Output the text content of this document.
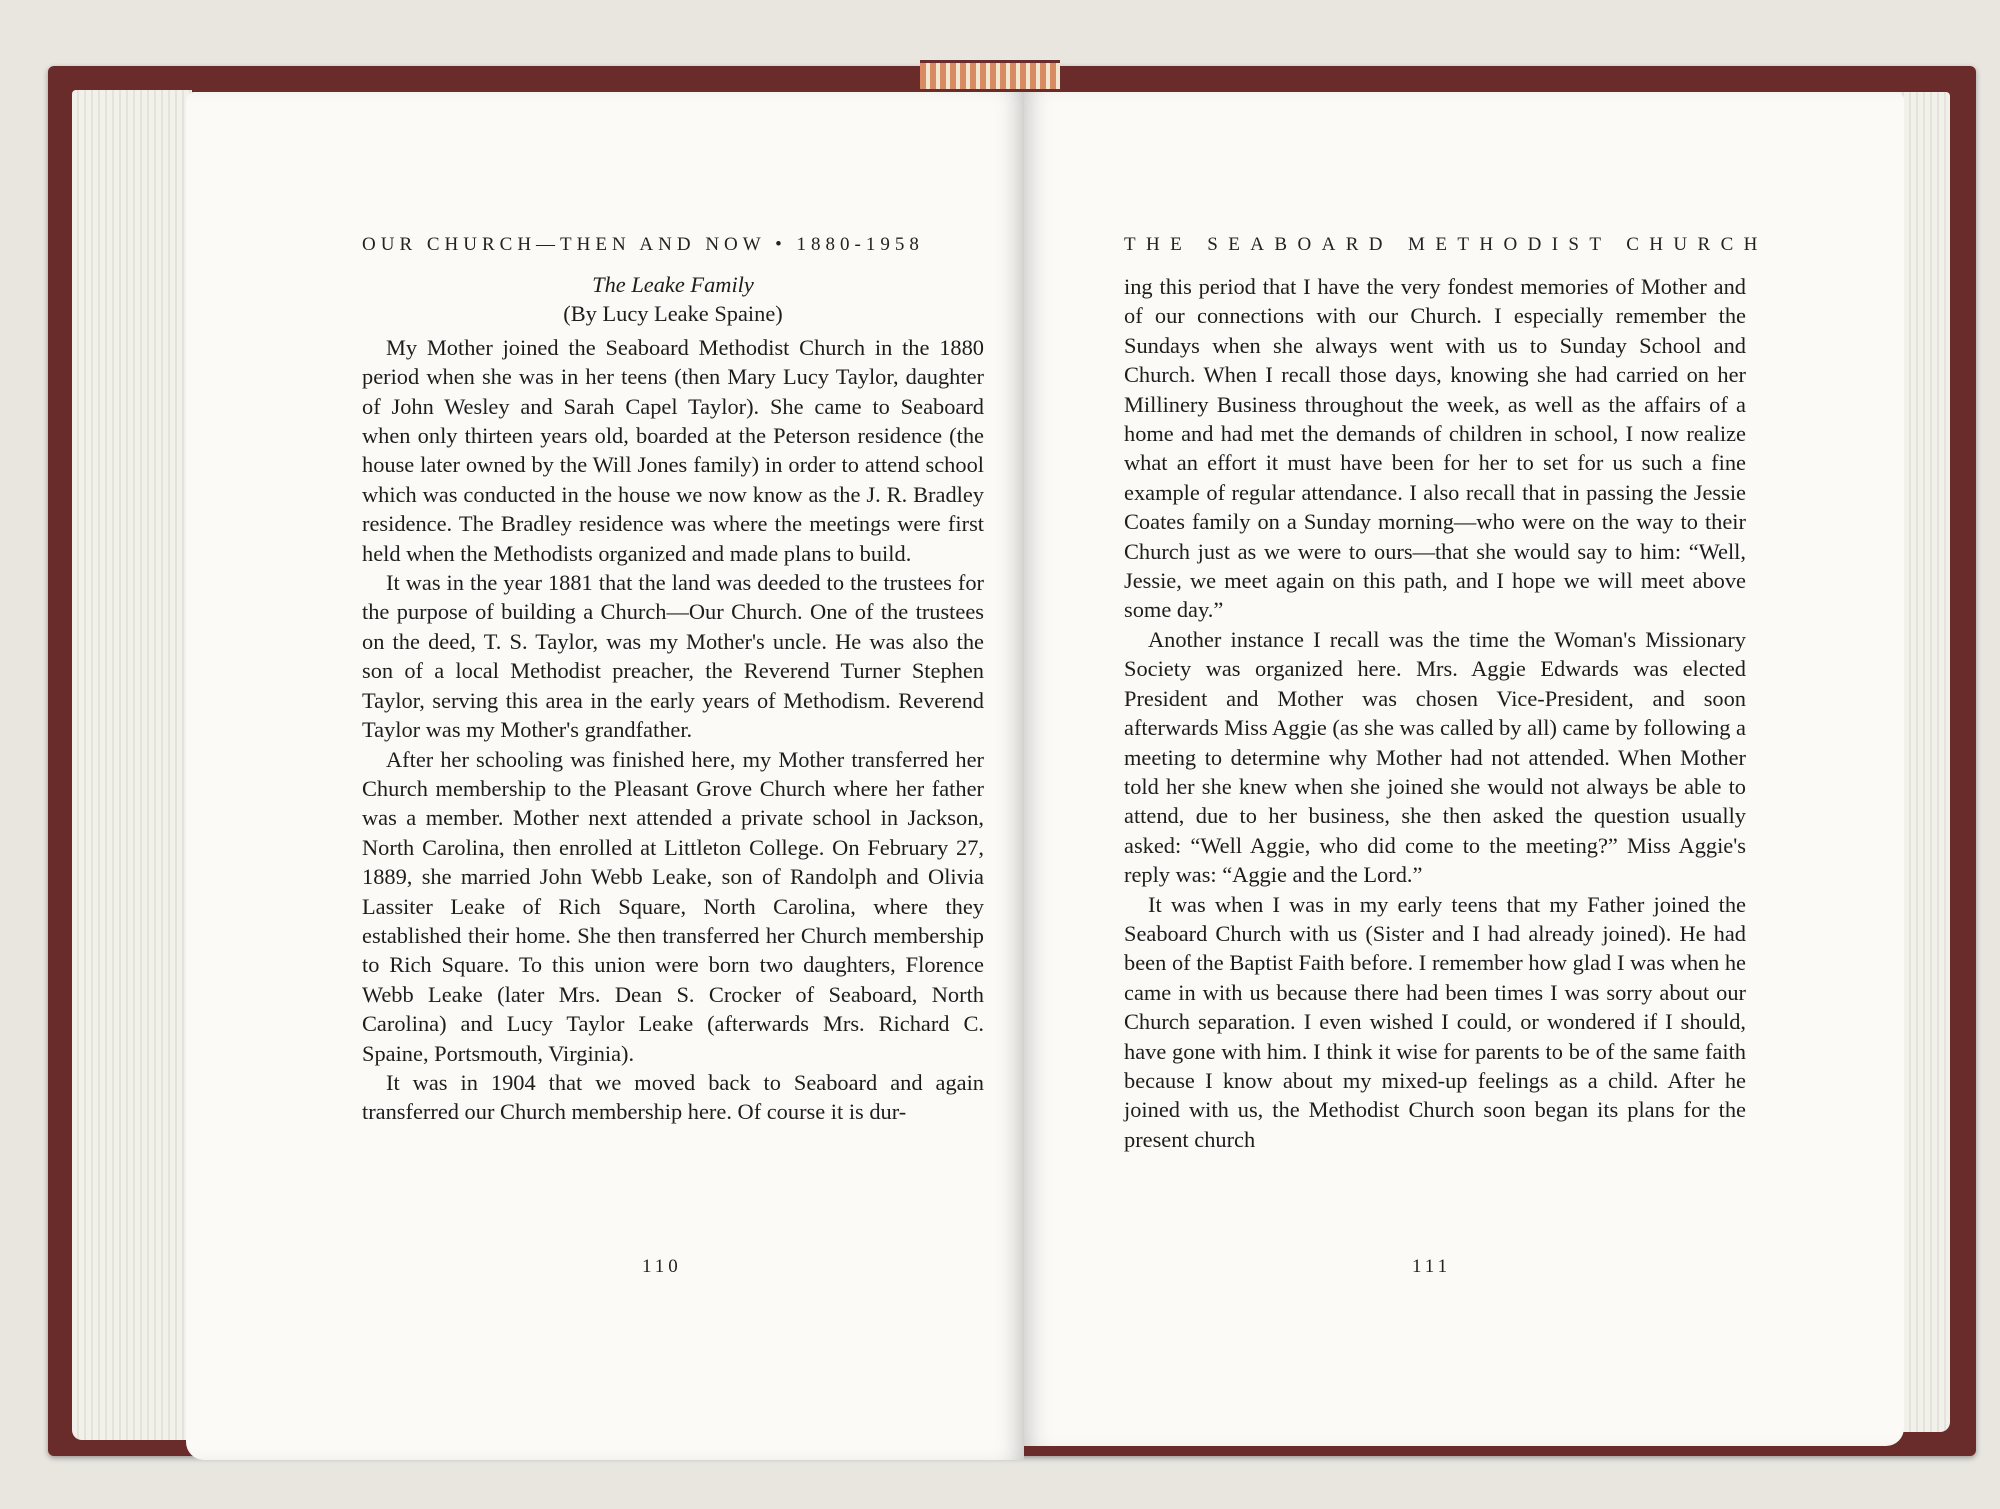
OUR CHURCH—THEN AND NOW • 1880-1958

The Leake Family

(By Lucy Leake Spaine)

My Mother joined the Seaboard Methodist Church in the 1880 period when she was in her teens (then Mary Lucy Taylor, daughter of John Wesley and Sarah Capel Taylor). She came to Seaboard when only thirteen years old, boarded at the Peterson residence (the house later owned by the Will Jones family) in order to attend school which was conducted in the house we now know as the J. R. Bradley residence. The Bradley residence was where the meetings were first held when the Methodists organized and made plans to build.

It was in the year 1881 that the land was deeded to the trustees for the purpose of building a Church—Our Church. One of the trustees on the deed, T. S. Taylor, was my Mother's uncle. He was also the son of a local Methodist preacher, the Reverend Turner Stephen Taylor, serving this area in the early years of Methodism. Reverend Taylor was my Mother's grandfather.

After her schooling was finished here, my Mother transferred her Church membership to the Pleasant Grove Church where her father was a member. Mother next attended a private school in Jackson, North Carolina, then enrolled at Littleton College. On February 27, 1889, she married John Webb Leake, son of Randolph and Olivia Lassiter Leake of Rich Square, North Carolina, where they established their home. She then transferred her Church membership to Rich Square. To this union were born two daughters, Florence Webb Leake (later Mrs. Dean S. Crocker of Seaboard, North Carolina) and Lucy Taylor Leake (afterwards Mrs. Richard C. Spaine, Portsmouth, Virginia).

It was in 1904 that we moved back to Seaboard and again transferred our Church membership here. Of course it is dur-

110
THE SEABOARD METHODIST CHURCH

ing this period that I have the very fondest memories of Mother and of our connections with our Church. I especially remember the Sundays when she always went with us to Sunday School and Church. When I recall those days, knowing she had carried on her Millinery Business throughout the week, as well as the affairs of a home and had met the demands of children in school, I now realize what an effort it must have been for her to set for us such a fine example of regular attendance. I also recall that in passing the Jessie Coates family on a Sunday morning—who were on the way to their Church just as we were to ours—that she would say to him: “Well, Jessie, we meet again on this path, and I hope we will meet above some day.”

Another instance I recall was the time the Woman's Missionary Society was organized here. Mrs. Aggie Edwards was elected President and Mother was chosen Vice-President, and soon afterwards Miss Aggie (as she was called by all) came by following a meeting to determine why Mother had not attended. When Mother told her she knew when she joined she would not always be able to attend, due to her business, she then asked the question usually asked: “Well Aggie, who did come to the meeting?” Miss Aggie's reply was: “Aggie and the Lord.”

It was when I was in my early teens that my Father joined the Seaboard Church with us (Sister and I had already joined). He had been of the Baptist Faith before. I remember how glad I was when he came in with us because there had been times I was sorry about our Church separation. I even wished I could, or wondered if I should, have gone with him. I think it wise for parents to be of the same faith because I know about my mixed-up feelings as a child. After he joined with us, the Methodist Church soon began its plans for the present church

111
